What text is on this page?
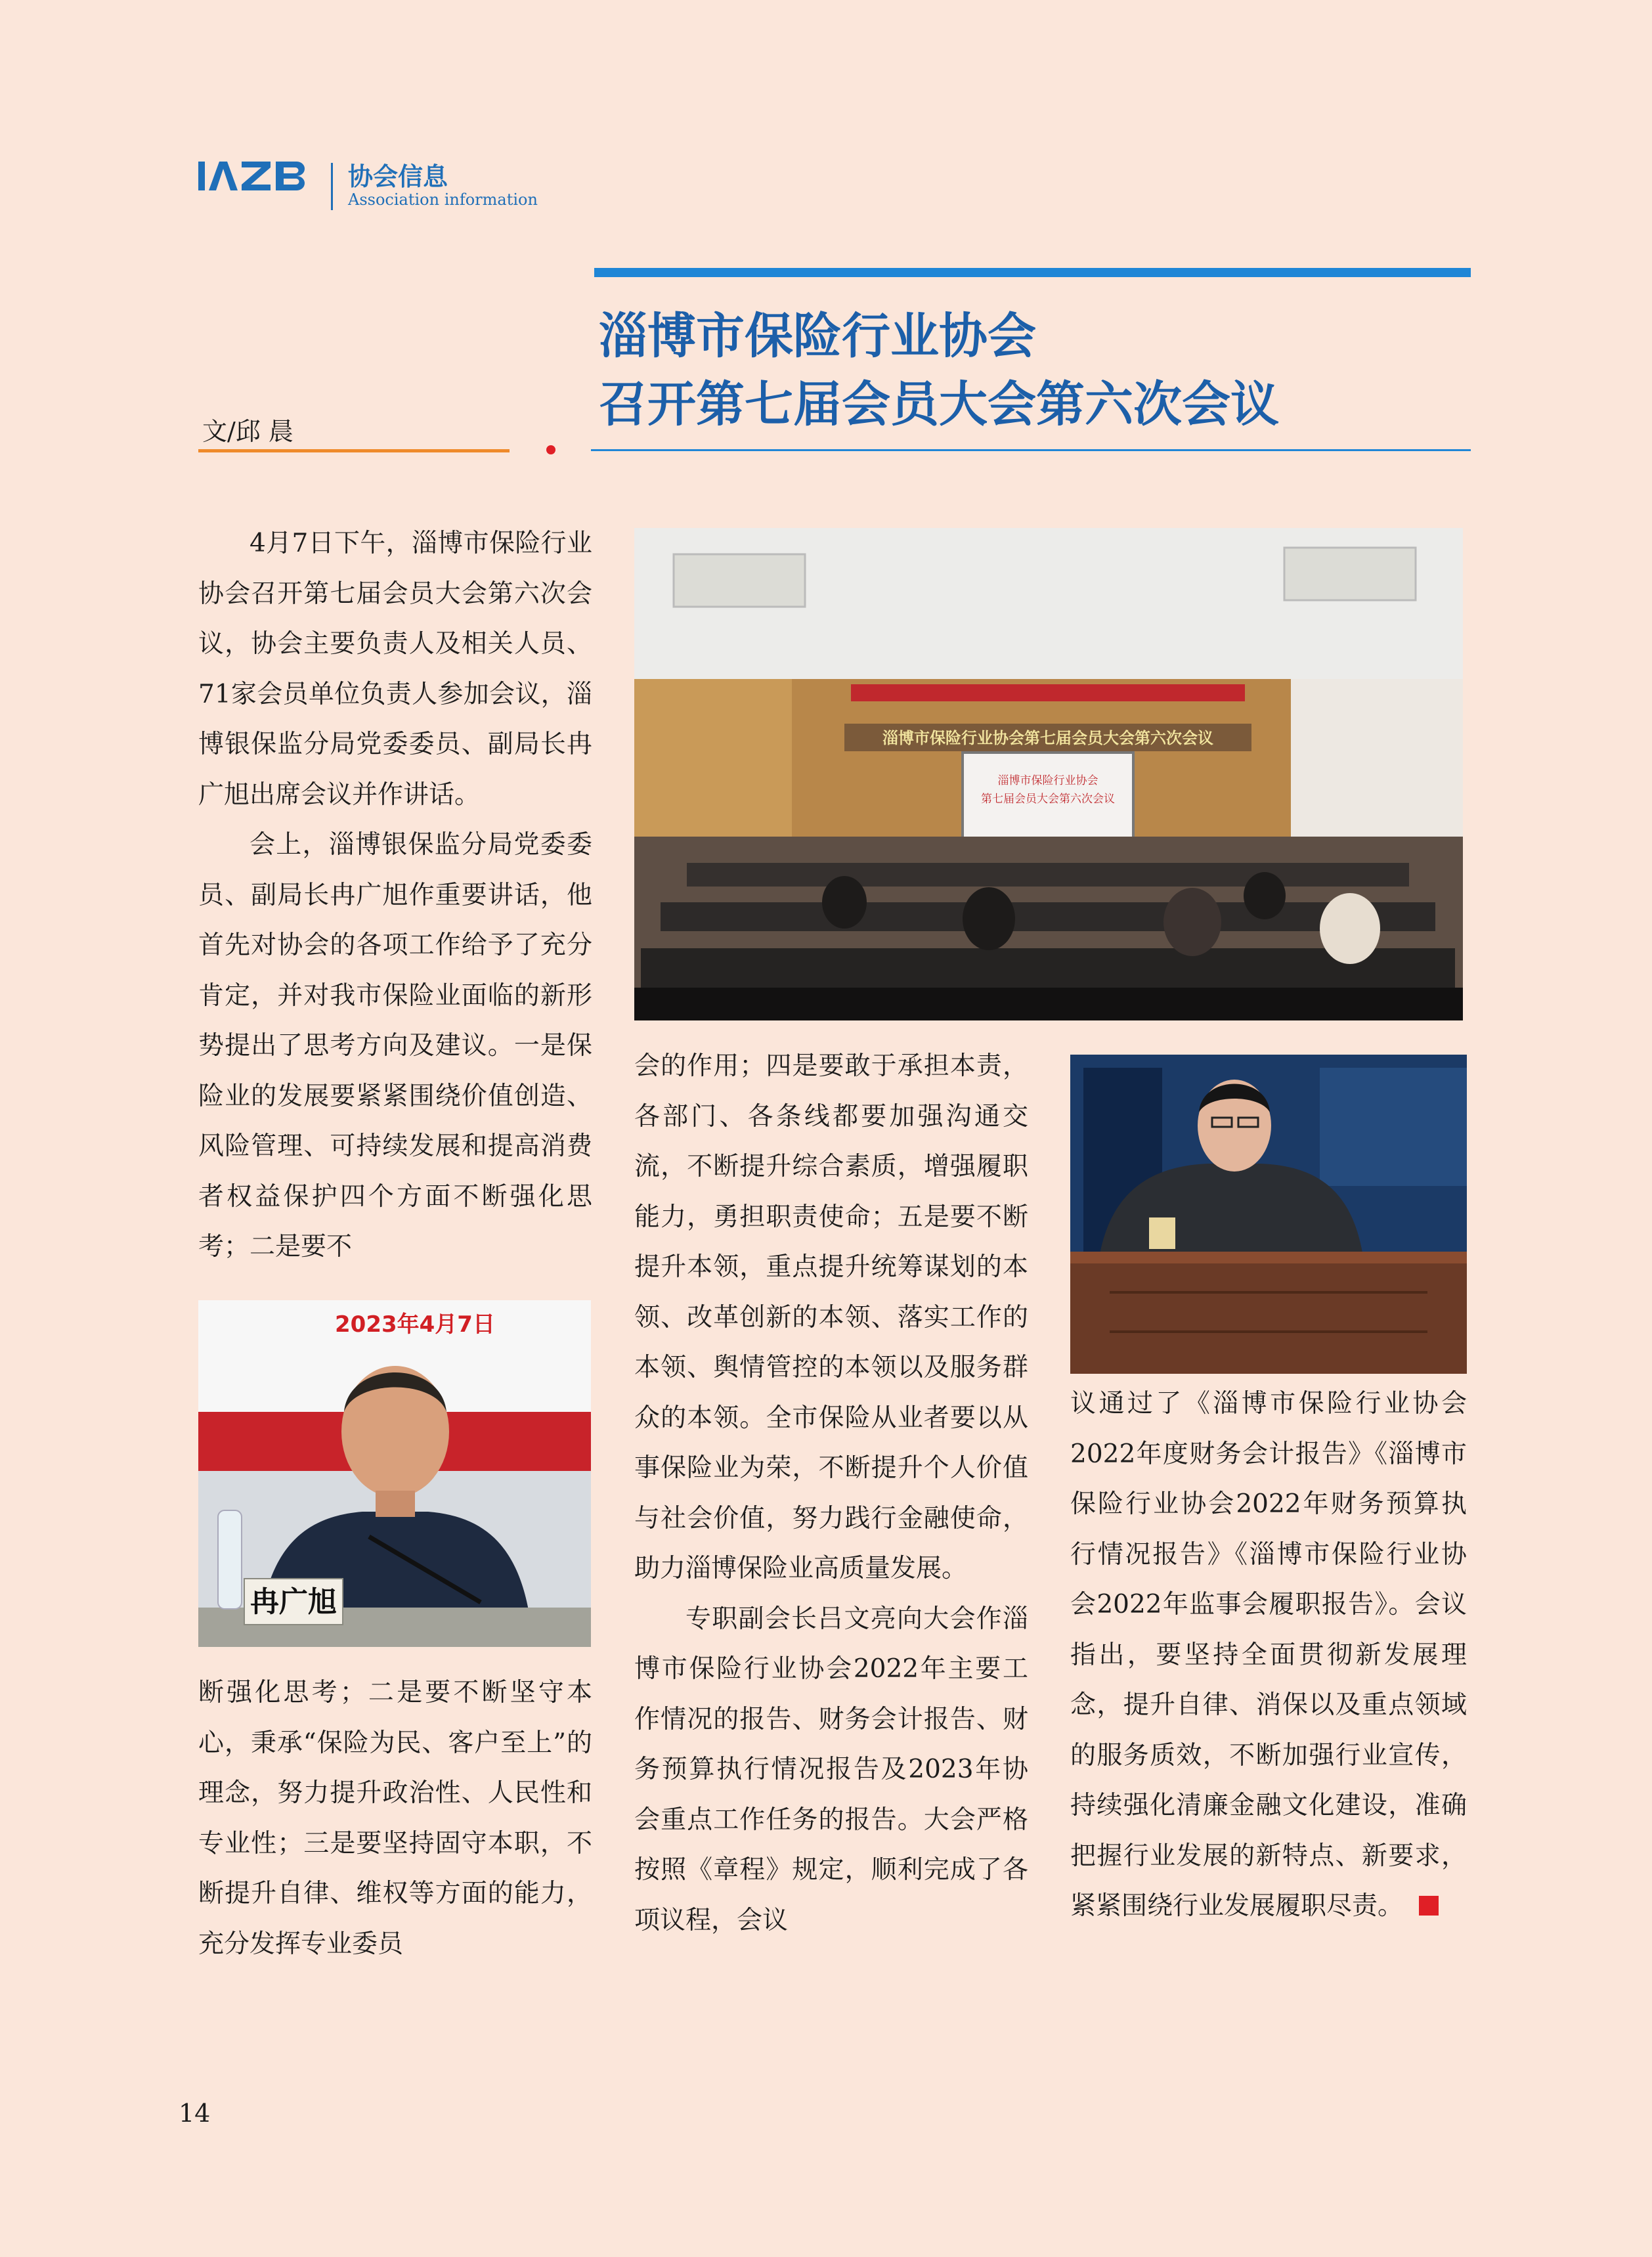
协会信息
Association information
淄博市保险行业协会
召开第七届会员大会第六次会议
文/邱 晨

4月7日下午，淄博市保险行业协会召开第七届会员大会第六次会议，协会主要负责人及相关人员、71家会员单位负责人参加会议，淄博银保监分局党委委员、副局长冉广旭出席会议并作讲话。

会上，淄博银保监分局党委委员、副局长冉广旭作重要讲话，他首先对协会的各项工作给予了充分肯定，并对我市保险业面临的新形势提出了思考方向及建议。一是保险业的发展要紧紧围绕价值创造、风险管理、可持续发展和提高消费者权益保护四个方面不断强化思考；二是要不

2023年4月7日
冉广旭

断强化思考；二是要不断坚守本心，秉承“保险为民、客户至上”的理念，努力提升政治性、人民性和专业性；三是要坚持固守本职，不断提升自律、维权等方面的能力，充分发挥专业委员

淄博市保险行业协会第七届会员大会第六次会议
淄博市保险行业协会
第七届会员大会第六次会议

会的作用；四是要敢于承担本责，各部门、各条线都要加强沟通交流，不断提升综合素质，增强履职能力，勇担职责使命；五是要不断提升本领，重点提升统筹谋划的本领、改革创新的本领、落实工作的本领、舆情管控的本领以及服务群众的本领。全市保险从业者要以从事保险业为荣，不断提升个人价值与社会价值，努力践行金融使命，助力淄博保险业高质量发展。

专职副会长吕文亮向大会作淄博市保险行业协会2022年主要工作情况的报告、财务会计报告、财务预算执行情况报告及2023年协会重点工作任务的报告。大会严格按照《章程》规定，顺利完成了各项议程，会议

议通过了《淄博市保险行业协会2022年度财务会计报告》《淄博市保险行业协会2022年财务预算执行情况报告》《淄博市保险行业协会2022年监事会履职报告》。会议指出，要坚持全面贯彻新发展理念，提升自律、消保以及重点领域的服务质效，不断加强行业宣传，持续强化清廉金融文化建设，准确把握行业发展的新特点、新要求，紧紧围绕行业发展履职尽责。

14
